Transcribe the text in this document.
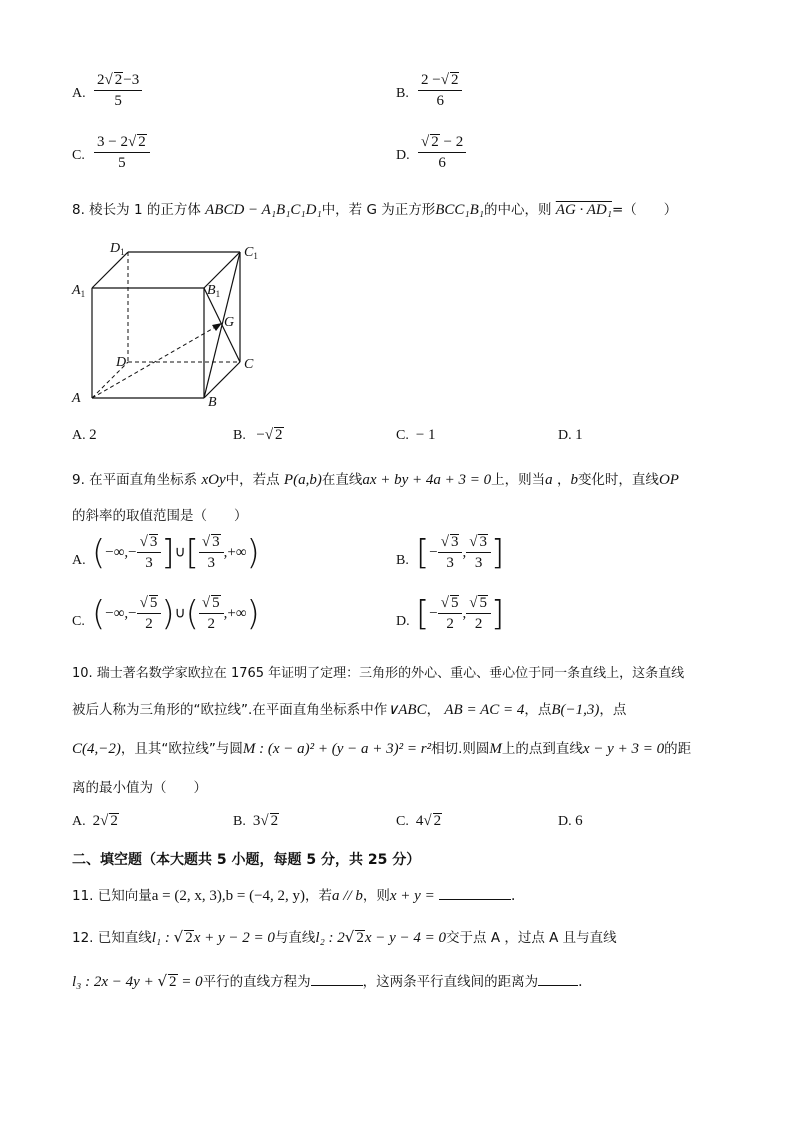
A. $\frac{2√ 2-3}{5}$	B. $\frac{2 -√ 2}{6}$
C. $\frac{3 - 2√ 2}{5}$	D. $\frac{√ 2 - 2}{6}$
8. 棱长为 1 的正方体 ABCD − A₁B₁C₁D₁中，若 G 为正方形BCC₁B₁的中心，则 AG · AD₁=（　　）
A	B
C
D
$A_1$	$B_1$
$C_1$
$D_1$
G
A. 2	B. −√ 2	C. − 1	D. 1
9. 在平面直角坐标系 xOy中，若点 P(a,b)在直线ax + by + 4a + 3 = 0上，则当a ，b变化时，直线OP
的斜率的取值范围是（　　）
A. (−∞,− $\frac{√ 3}{3}$ ]∪[ $\frac{√ 3}{3}$ ,+∞)	B. [− $\frac{√ 3}{3}$ , $\frac{√ 3}{3}$ ]
C. (−∞,− $\frac{√ 5}{2}$ )∪( $\frac{√ 5}{2}$ ,+∞)	D. [− $\frac{√ 5}{2}$ , $\frac{√ 5}{2}$ ]
10. 瑞士著名数学家欧拉在 1765 年证明了定理：三角形的外心、重心、垂心位于同一条直线上，这条直线
被后人称为三角形的“欧拉线”.在平面直角坐标系中作∨ABC， AB = AC = 4，点B(−1,3)，点
C(4,−2)，且其“欧拉线”与圆M : (x − a)² + (y − a + 3)² = r²相切.则圆M上的点到直线x − y + 3 = 0的距
离的最小值为（　　）
A. 2√ 2	B. 3√ 2	C. 4√ 2	D. 6
二、填空题（本大题共 5 小题，每题 5 分，共 25 分）
11. 已知向量a = (2, x, 3),b = (−4, 2, y)，若a // b，则x + y =	.
12. 已知直线l₁ : √ 2x + y − 2 = 0与直线l₂ : 2√ 2x − y − 4 = 0交于点 A ，过点 A 且与直线
l₃ : 2x − 4y + √ 2 = 0平行的直线方程为	，这两条平行直线间的距离为	.
